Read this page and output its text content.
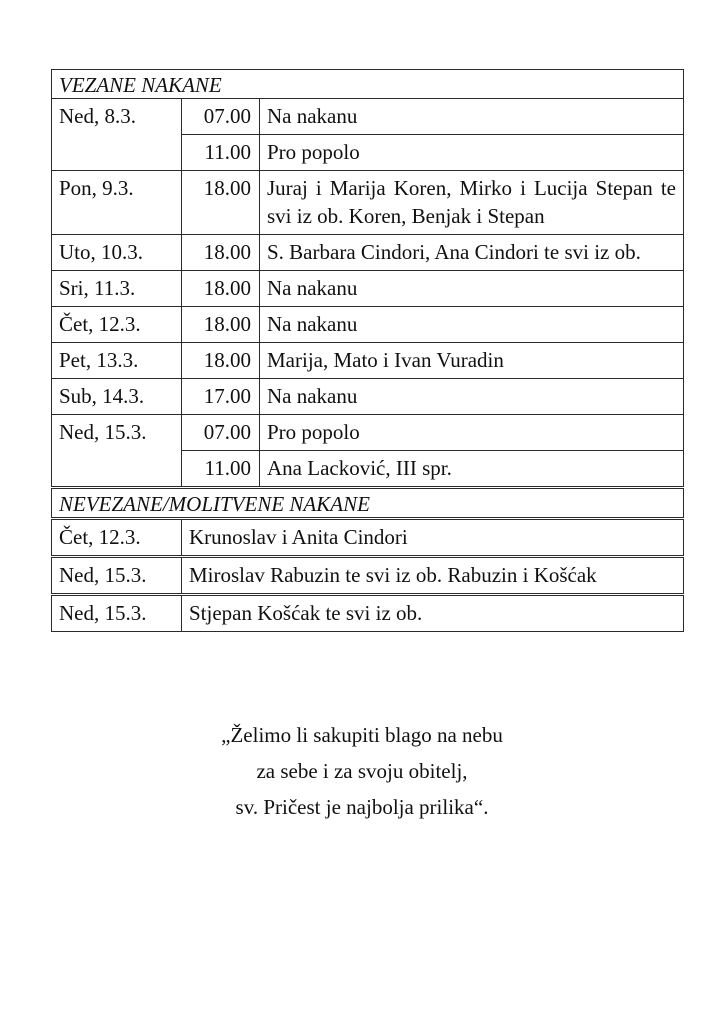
VEZANE NAKANE		
Ned, 8.3.	07.00	Na nakanu
	11.00	Pro popolo
Pon, 9.3.	18.00	Juraj i Marija Koren, Mirko i Lucija Stepan te svi iz ob. Koren, Benjak i Stepan
Uto, 10.3.	18.00	S. Barbara Cindori, Ana Cindori te svi iz ob.
Sri, 11.3.	18.00	Na nakanu
Čet, 12.3.	18.00	Na nakanu
Pet, 13.3.	18.00	Marija, Mato i Ivan Vuradin
Sub, 14.3.	17.00	Na nakanu
Ned, 15.3.	07.00	Pro popolo
	11.00	Ana Lacković, III spr.
NEVEZANE/MOLITVENE NAKANE		
Čet, 12.3.	Krunoslav i Anita Cindori	
Ned, 15.3.	Miroslav Rabuzin te svi iz ob. Rabuzin i Košćak	
Ned, 15.3.	Stjepan Košćak te svi iz ob.	
„Želimo li sakupiti blago na nebu
za sebe i za svoju obitelj,
sv. Pričest je najbolja prilika“.
